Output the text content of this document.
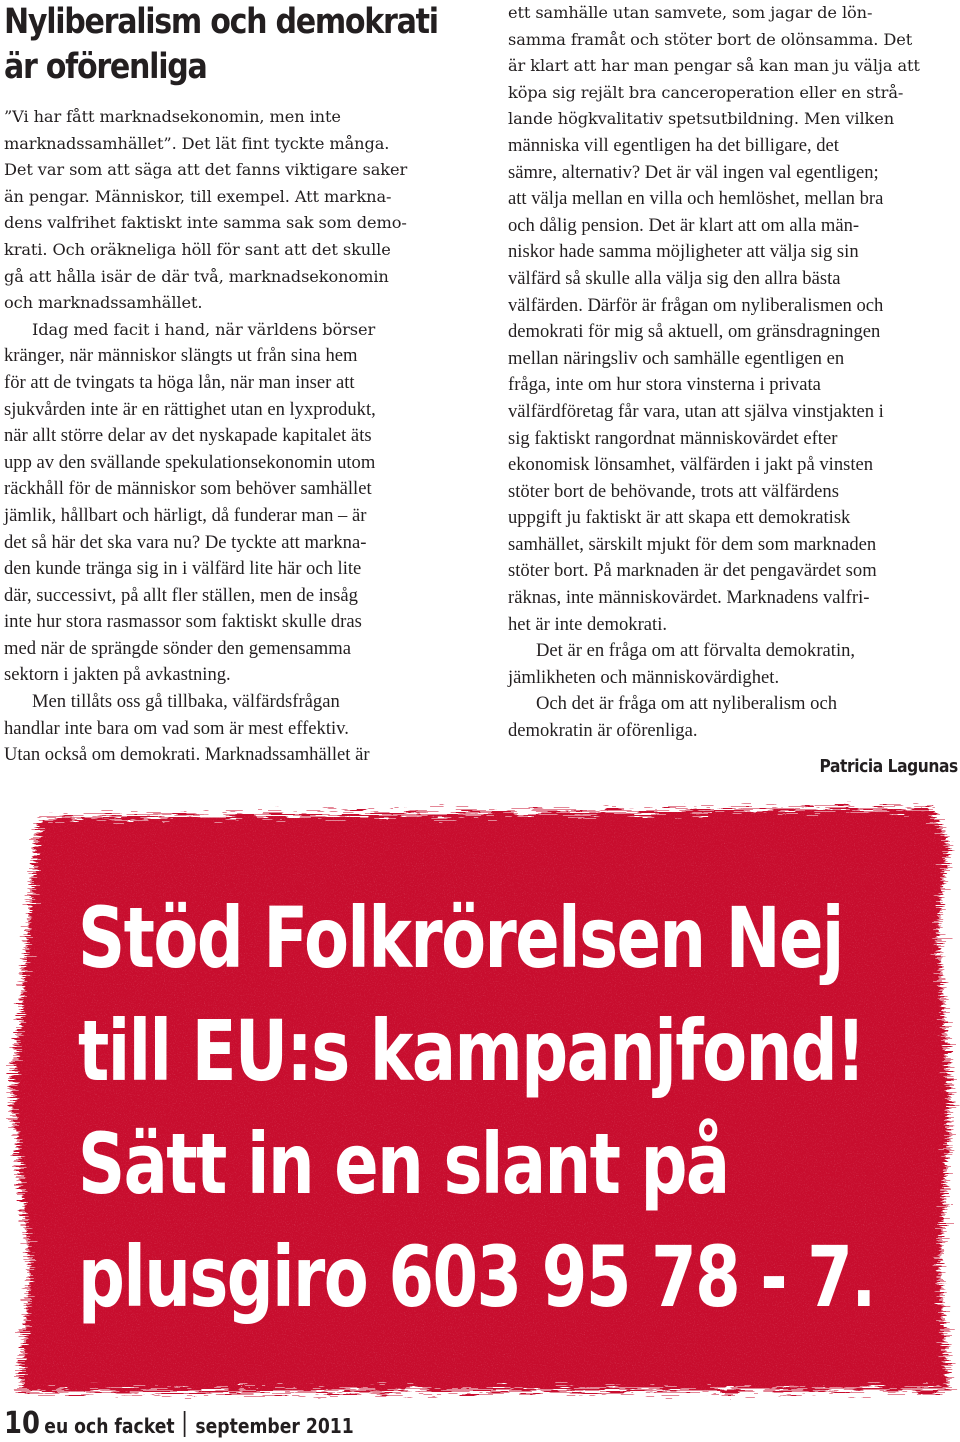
Nyliberalism och demokrati
är oförenliga
”Vi har fått marknadsekonomin, men inte
marknadssamhället”. Det lät fint tyckte många.
Det var som att säga att det fanns viktigare saker
än pengar. Människor, till exempel. Att markna-
dens valfrihet faktiskt inte samma sak som demo-
krati. Och oräkneliga höll för sant att det skulle
gå att hålla isär de där två, marknadsekonomin
och marknadssamhället.
Idag med facit i hand, när världens börser
kränger, när människor slängts ut från sina hem
för att de tvingats ta höga lån, när man inser att
sjukvården inte är en rättighet utan en lyxprodukt,
när allt större delar av det nyskapade kapitalet äts
upp av den svällande spekulationsekonomin utom
räckhåll för de människor som behöver samhället
jämlik, hållbart och härligt, då funderar man – är
det så här det ska vara nu? De tyckte att markna-
den kunde tränga sig in i välfärd lite här och lite
där, successivt, på allt fler ställen, men de insåg
inte hur stora rasmassor som faktiskt skulle dras
med när de sprängde sönder den gemensamma
sektorn i jakten på avkastning.
Men tillåts oss gå tillbaka, välfärdsfrågan
handlar inte bara om vad som är mest effektiv.
Utan också om demokrati. Marknadssamhället är
ett samhälle utan samvete, som jagar de lön-
samma framåt och stöter bort de olönsamma. Det
är klart att har man pengar så kan man ju välja att
köpa sig rejält bra canceroperation eller en strå-
lande högkvalitativ spetsutbildning. Men vilken
människa vill egentligen ha det billigare, det
sämre, alternativ? Det är väl ingen val egentligen;
att välja mellan en villa och hemlöshet, mellan bra
och dålig pension. Det är klart att om alla män-
niskor hade samma möjligheter att välja sig sin
välfärd så skulle alla välja sig den allra bästa
välfärden. Därför är frågan om nyliberalismen och
demokrati för mig så aktuell, om gränsdragningen
mellan näringsliv och samhälle egentligen en
fråga, inte om hur stora vinsterna i privata
välfärdföretag får vara, utan att själva vinstjakten i
sig faktiskt rangordnat människovärdet efter
ekonomisk lönsamhet, välfärden i jakt på vinsten
stöter bort de behövande, trots att välfärdens
uppgift ju faktiskt är att skapa ett demokratisk
samhället, särskilt mjukt för dem som marknaden
stöter bort. På marknaden är det pengavärdet som
räknas, inte människovärdet. Marknadens valfri-
het är inte demokrati.
Det är en fråga om att förvalta demokratin,
jämlikheten och människovärdighet.
Och det är fråga om att nyliberalism och
demokratin är oförenliga.
Patricia Lagunas
Stöd Folkrörelsen Nej
till EU:s kampanjfond!
Sätt in en slant på
plusgiro 603 95 78 - 7.
10 eu och facket september 2011
